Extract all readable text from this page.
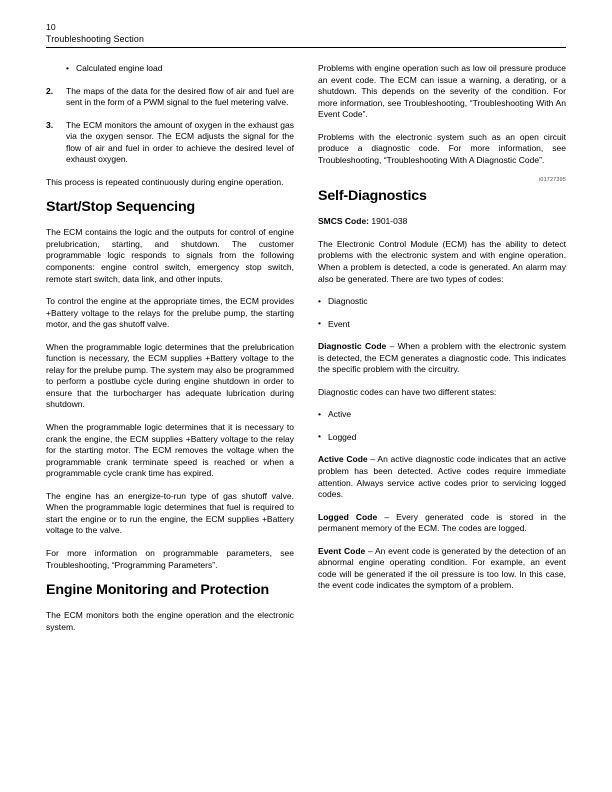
10
Troubleshooting Section
• Calculated engine load
2.	The maps of the data for the desired flow of air and fuel are sent in the form of a PWM signal to the fuel metering valve.
3.	The ECM monitors the amount of oxygen in the exhaust gas via the oxygen sensor. The ECM adjusts the signal for the flow of air and fuel in order to achieve the desired level of exhaust oxygen.

This process is repeated continuously during engine operation.

Start/Stop Sequencing

The ECM contains the logic and the outputs for control of engine prelubrication, starting, and shutdown. The customer programmable logic responds to signals from the following components: engine control switch, emergency stop switch, remote start switch, data link, and other inputs.

To control the engine at the appropriate times, the ECM provides +Battery voltage to the relays for the prelube pump, the starting motor, and the gas shutoff valve.

When the programmable logic determines that the prelubrication function is necessary, the ECM supplies +Battery voltage to the relay for the prelube pump. The system may also be programmed to perform a postlube cycle during engine shutdown in order to ensure that the turbocharger has adequate lubrication during shutdown.

When the programmable logic determines that it is necessary to crank the engine, the ECM supplies +Battery voltage to the relay for the starting motor. The ECM removes the voltage when the programmable crank terminate speed is reached or when a programmable cycle crank time has expired.

The engine has an energize-to-run type of gas shutoff valve. When the programmable logic determines that fuel is required to start the engine or to run the engine, the ECM supplies +Battery voltage to the valve.

For more information on programmable parameters, see Troubleshooting, “Programming Parameters”.

Engine Monitoring and Protection

The ECM monitors both the engine operation and the electronic system.

Problems with engine operation such as low oil pressure produce an event code. The ECM can issue a warning, a derating, or a shutdown. This depends on the severity of the condition. For more information, see Troubleshooting, “Troubleshooting With An Event Code”.

Problems with the electronic system such as an open circuit produce a diagnostic code. For more information, see Troubleshooting, “Troubleshooting With A Diagnostic Code”.

i01727395
Self-Diagnostics

SMCS Code: 1901-038

The Electronic Control Module (ECM) has the ability to detect problems with the electronic system and with engine operation. When a problem is detected, a code is generated. An alarm may also be generated. There are two types of codes:

• Diagnostic
• Event

Diagnostic Code – When a problem with the electronic system is detected, the ECM generates a diagnostic code. This indicates the specific problem with the circuitry.

Diagnostic codes can have two different states:

• Active
• Logged

Active Code – An active diagnostic code indicates that an active problem has been detected. Active codes require immediate attention. Always service active codes prior to servicing logged codes.

Logged Code – Every generated code is stored in the permanent memory of the ECM. The codes are logged.

Event Code – An event code is generated by the detection of an abnormal engine operating condition. For example, an event code will be generated if the oil pressure is too low. In this case, the event code indicates the symptom of a problem.
